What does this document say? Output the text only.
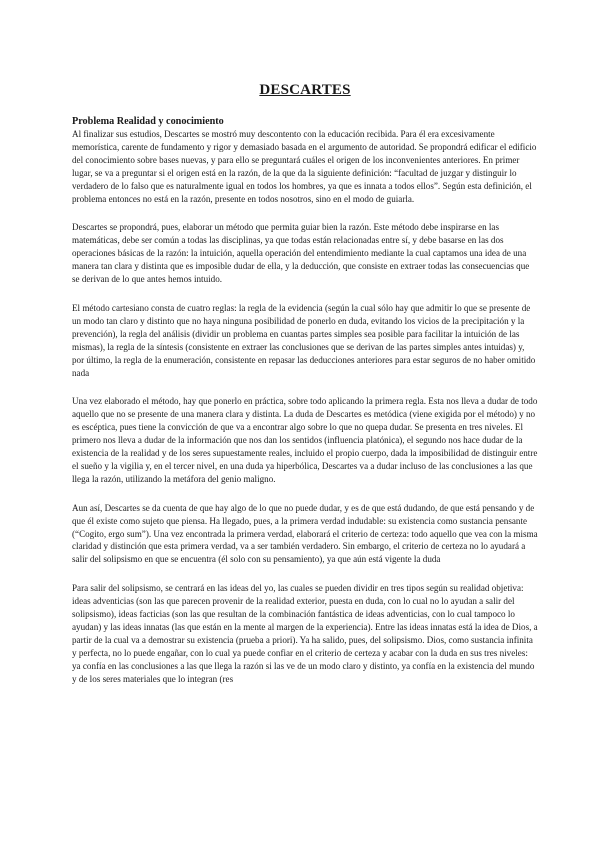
DESCARTES
Problema Realidad y conocimiento

Al finalizar sus estudios, Descartes se mostró muy descontento con la educación recibida. Para él era excesivamente memorística, carente de fundamento y rigor y demasiado basada en el argumento de autoridad. Se propondrá edificar el edificio del conocimiento sobre bases nuevas, y para ello se preguntará cuáles el origen de los inconvenientes anteriores. En primer lugar, se va a preguntar si el origen está en la razón, de la que da la siguiente definición: “facultad de juzgar y distinguir lo verdadero de lo falso que es naturalmente igual en todos los hombres, ya que es innata a todos ellos”. Según esta definición, el problema entonces no está en la razón, presente en todos nosotros, sino en el modo de guiarla.

Descartes se propondrá, pues, elaborar un método que permita guiar bien la razón. Este método debe inspirarse en las matemáticas, debe ser común a todas las disciplinas, ya que todas están relacionadas entre sí, y debe basarse en las dos operaciones básicas de la razón: la intuición, aquella operación del entendimiento mediante la cual captamos una idea de una manera tan clara y distinta que es imposible dudar de ella, y la deducción, que consiste en extraer todas las consecuencias que se derivan de lo que antes hemos intuido.

El método cartesiano consta de cuatro reglas: la regla de la evidencia (según la cual sólo hay que admitir lo que se presente de un modo tan claro y distinto que no haya ninguna posibilidad de ponerlo en duda, evitando los vicios de la precipitación y la prevención), la regla del análisis (dividir un problema en cuantas partes simples sea posible para facilitar la intuición de las mismas), la regla de la síntesis (consistente en extraer las conclusiones que se derivan de las partes simples antes intuidas) y, por último, la regla de la enumeración, consistente en repasar las deducciones anteriores para estar seguros de no haber omitido nada

Una vez elaborado el método, hay que ponerlo en práctica, sobre todo aplicando la primera regla. Esta nos lleva a dudar de todo aquello que no se presente de una manera clara y distinta. La duda de Descartes es metódica (viene exigida por el método) y no es escéptica, pues tiene la convicción de que va a encontrar algo sobre lo que no quepa dudar. Se presenta en tres niveles. El primero nos lleva a dudar de la información que nos dan los sentidos (influencia platónica), el segundo nos hace dudar de la existencia de la realidad y de los seres supuestamente reales, incluido el propio cuerpo, dada la imposibilidad de distinguir entre el sueño y la vigilia y, en el tercer nivel, en una duda ya hiperbólica, Descartes va a dudar incluso de las conclusiones a las que llega la razón, utilizando la metáfora del genio maligno.

Aun así, Descartes se da cuenta de que hay algo de lo que no puede dudar, y es de que está dudando, de que está pensando y de que él existe como sujeto que piensa. Ha llegado, pues, a la primera verdad indudable: su existencia como sustancia pensante (“Cogito, ergo sum”). Una vez encontrada la primera verdad, elaborará el criterio de certeza: todo aquello que vea con la misma claridad y distinción que esta primera verdad, va a ser también verdadero. Sin embargo, el criterio de certeza no lo ayudará a salir del solipsismo en que se encuentra (él solo con su pensamiento), ya que aún está vigente la duda

Para salir del solipsismo, se centrará en las ideas del yo, las cuales se pueden dividir en tres tipos según su realidad objetiva: ideas adventicias (son las que parecen provenir de la realidad exterior, puesta en duda, con lo cual no lo ayudan a salir del solipsismo), ideas facticias (son las que resultan de la combinación fantástica de ideas adventicias, con lo cual tampoco lo ayudan) y las ideas innatas (las que están en la mente al margen de la experiencia). Entre las ideas innatas está la idea de Dios, a partir de la cual va a demostrar su existencia (prueba a priori). Ya ha salido, pues, del solipsismo. Dios, como sustancia infinita y perfecta, no lo puede engañar, con lo cual ya puede confiar en el criterio de certeza y acabar con la duda en sus tres niveles: ya confía en las conclusiones a las que llega la razón si las ve de un modo claro y distinto, ya confía en la existencia del mundo y de los seres materiales que lo integran (res
